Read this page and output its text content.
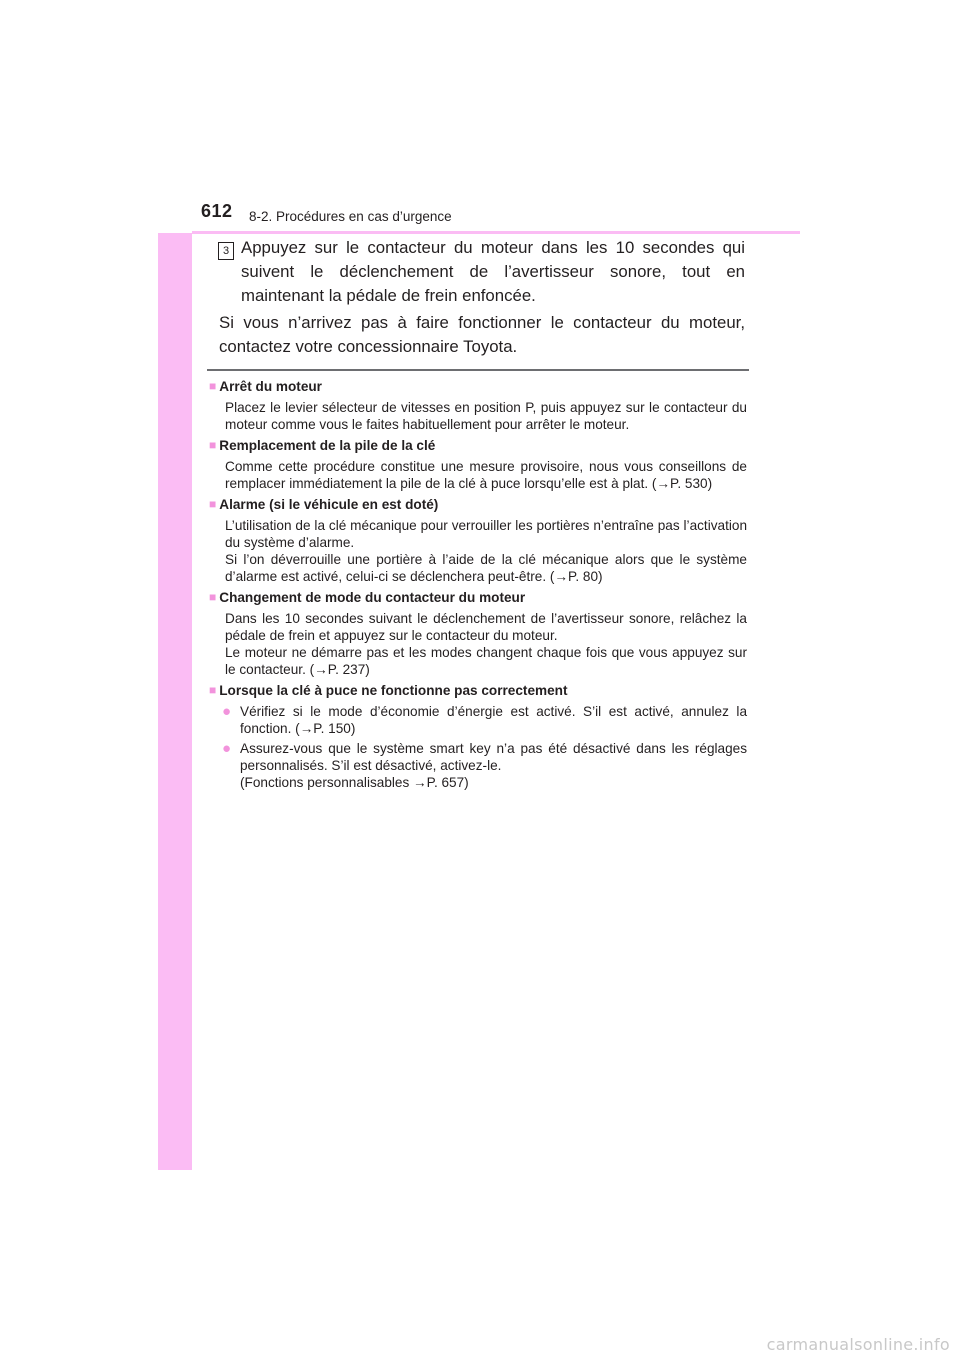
612 8-2. Procédures en cas d’urgence
3 Appuyez sur le contacteur du moteur dans les 10 secondes qui suivent le déclenchement de l’avertisseur sonore, tout en maintenant la pédale de frein enfoncée.
Si vous n’arrivez pas à faire fonctionner le contacteur du moteur, contactez votre concessionnaire Toyota.
■ Arrêt du moteur

Placez le levier sélecteur de vitesses en position P, puis appuyez sur le contacteur du moteur comme vous le faites habituellement pour arrêter le moteur.

■ Remplacement de la pile de la clé

Comme cette procédure constitue une mesure provisoire, nous vous conseillons de remplacer immédiatement la pile de la clé à puce lorsqu’elle est à plat. (→P. 530)

■ Alarme (si le véhicule en est doté)

L’utilisation de la clé mécanique pour verrouiller les portières n’entraîne pas l’activation du système d’alarme.

Si l’on déverrouille une portière à l’aide de la clé mécanique alors que le système d’alarme est activé, celui-ci se déclenchera peut-être. (→P. 80)

■ Changement de mode du contacteur du moteur

Dans les 10 secondes suivant le déclenchement de l’avertisseur sonore, relâchez la pédale de frein et appuyez sur le contacteur du moteur.

Le moteur ne démarre pas et les modes changent chaque fois que vous appuyez sur le contacteur. (→P. 237)

■ Lorsque la clé à puce ne fonctionne pas correctement
● Vérifiez si le mode d’économie d’énergie est activé. S’il est activé, annulez la fonction. (→P. 150)

● Assurez-vous que le système smart key n’a pas été désactivé dans les réglages personnalisés. S’il est désactivé, activez-le.

(Fonctions personnalisables →P. 657)

carmanualsonline.info
